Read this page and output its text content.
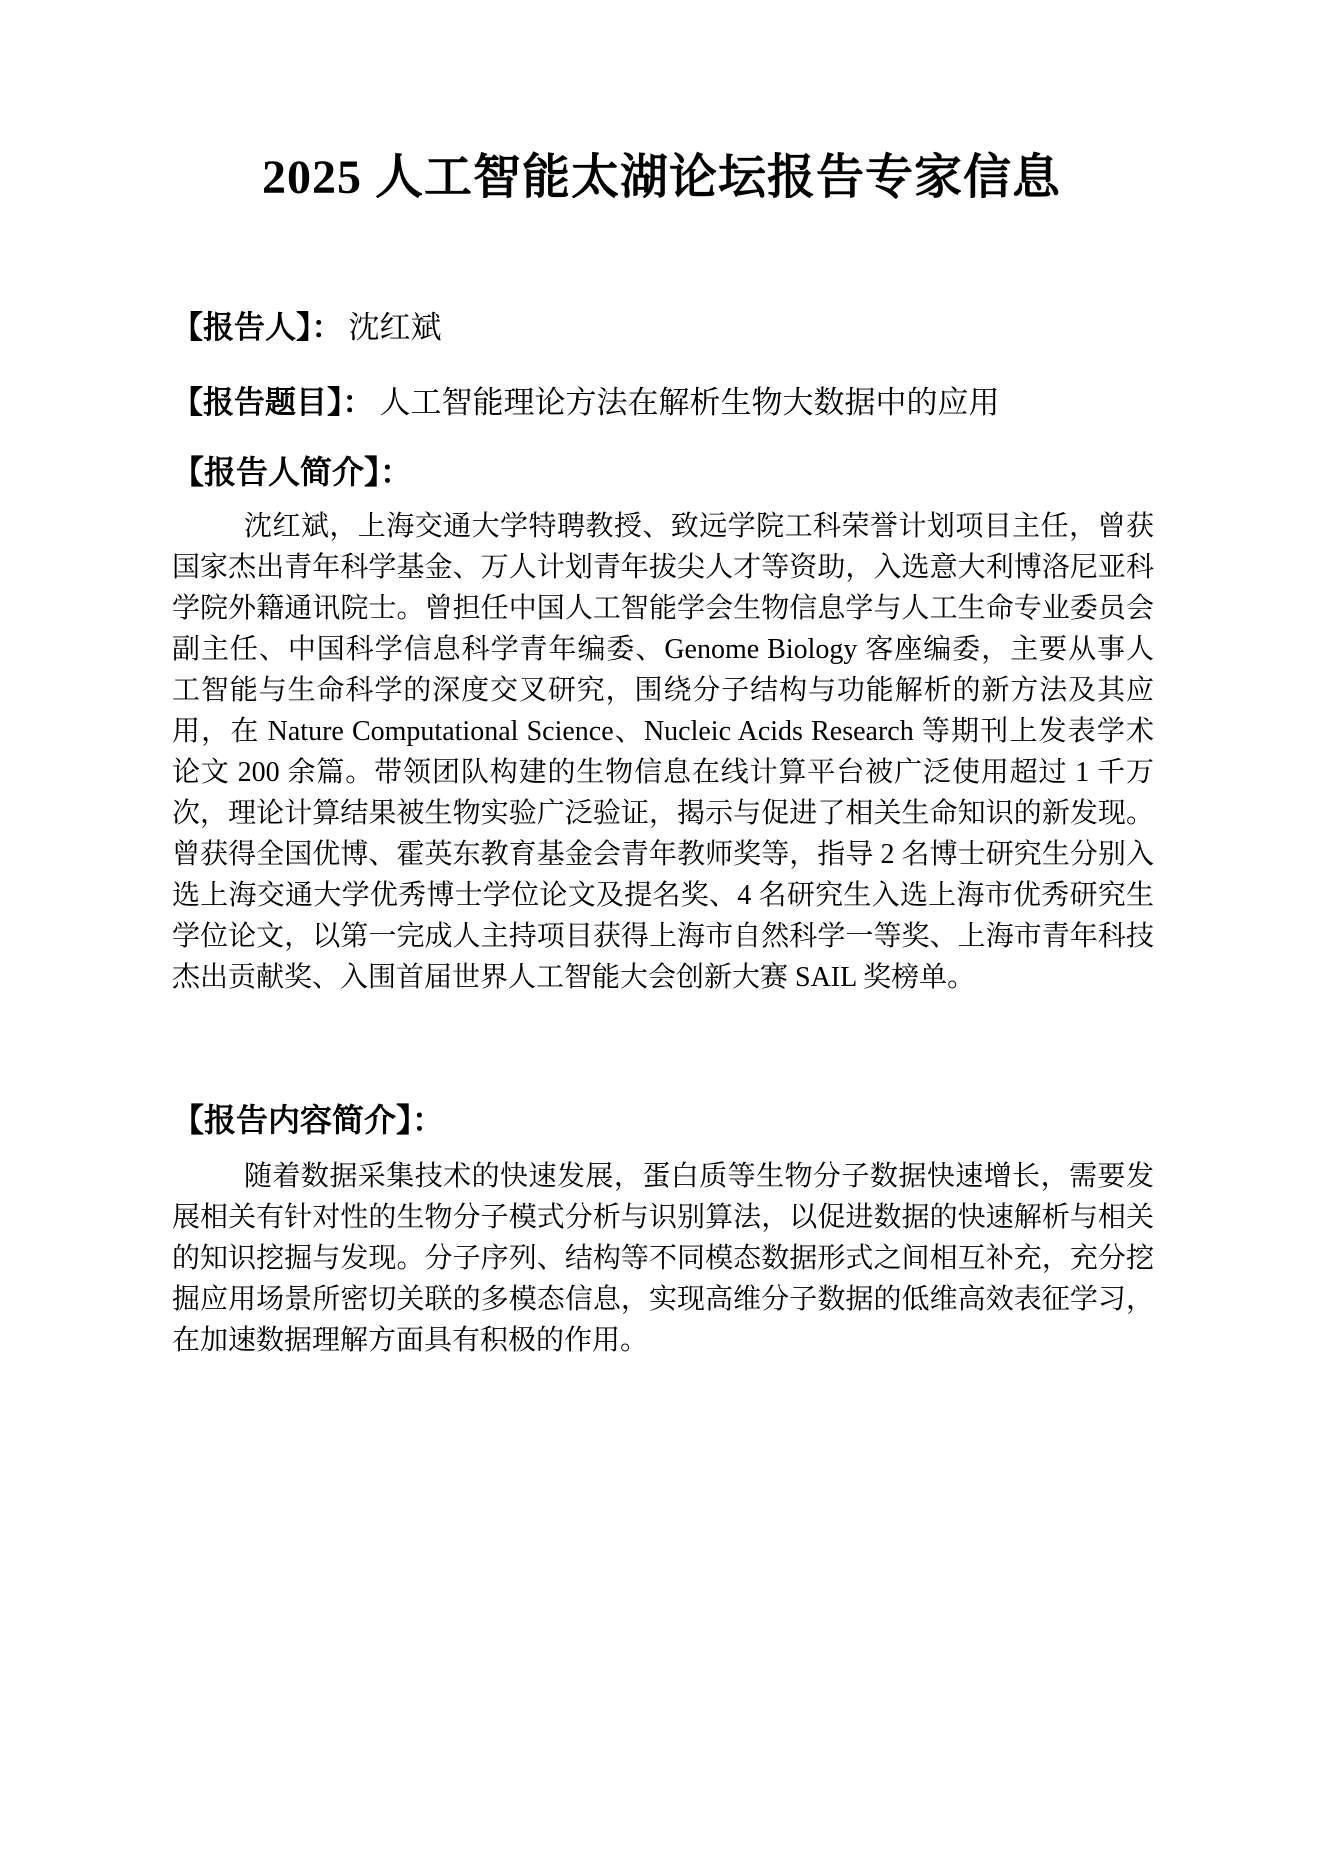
2025 人工智能太湖论坛报告专家信息
【报告人】： 沈红斌
【报告题目】： 人工智能理论方法在解析生物大数据中的应用
【报告人简介】：

沈红斌，上海交通大学特聘教授、致远学院工科荣誉计划项目主任，曾获国家杰出青年科学基金、万人计划青年拔尖人才等资助，入选意大利博洛尼亚科学院外籍通讯院士。曾担任中国人工智能学会生物信息学与人工生命专业委员会副主任、中国科学信息科学青年编委、Genome Biology 客座编委，主要从事人工智能与生命科学的深度交叉研究，围绕分子结构与功能解析的新方法及其应用，在 Nature Computational Science、Nucleic Acids Research 等期刊上发表学术论文 200 余篇。带领团队构建的生物信息在线计算平台被广泛使用超过 1 千万次，理论计算结果被生物实验广泛验证，揭示与促进了相关生命知识的新发现。曾获得全国优博、霍英东教育基金会青年教师奖等，指导 2 名博士研究生分别入选上海交通大学优秀博士学位论文及提名奖、4 名研究生入选上海市优秀研究生学位论文，以第一完成人主持项目获得上海市自然科学一等奖、上海市青年科技杰出贡献奖、入围首届世界人工智能大会创新大赛 SAIL 奖榜单。

【报告内容简介】：

随着数据采集技术的快速发展，蛋白质等生物分子数据快速增长，需要发展相关有针对性的生物分子模式分析与识别算法，以促进数据的快速解析与相关的知识挖掘与发现。分子序列、结构等不同模态数据形式之间相互补充，充分挖掘应用场景所密切关联的多模态信息，实现高维分子数据的低维高效表征学习，在加速数据理解方面具有积极的作用。
